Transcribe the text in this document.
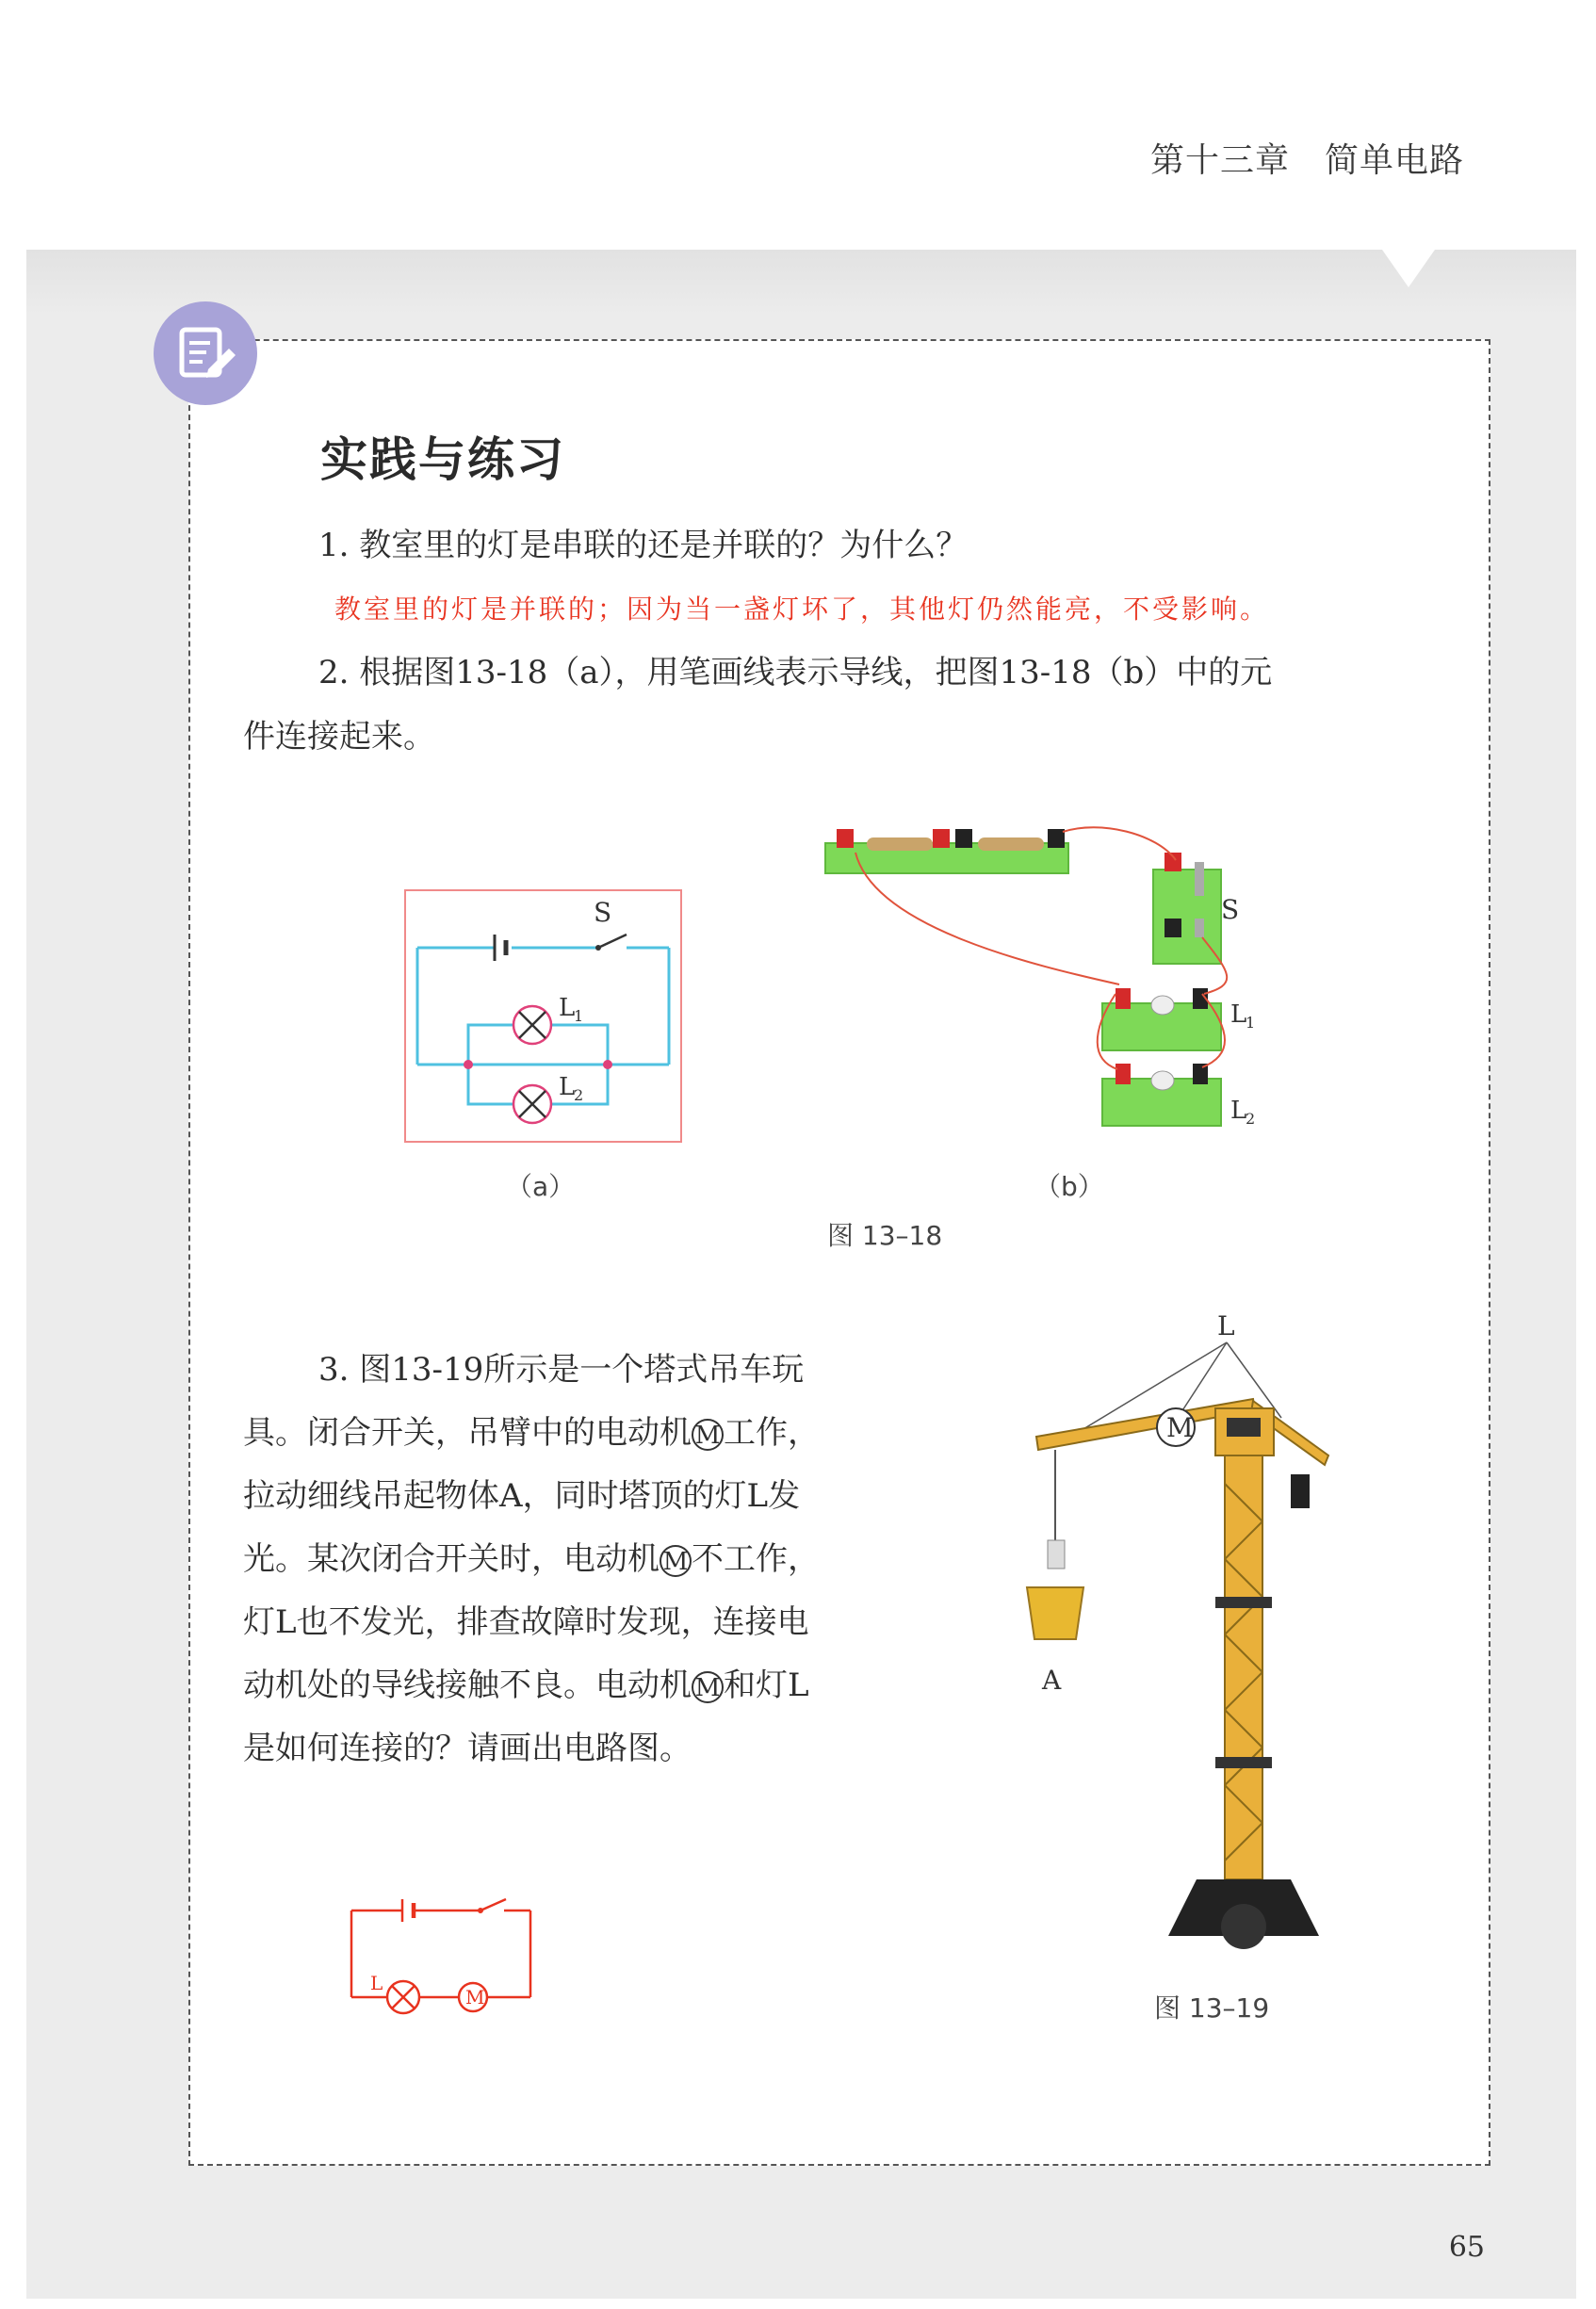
第十三章　简单电路
实践与练习
1. 教室里的灯是串联的还是并联的？为什么？
教室里的灯是并联的；因为当一盏灯坏了，其他灯仍然能亮，不受影响。
2. 根据图13-18（a），用笔画线表示导线，把图13-18（b）中的元
件连接起来。
S
L
1
L
2
（a）
S
L
1
L
2
（b）
图 13–18
3. 图13-19所示是一个塔式吊车玩
具。闭合开关，吊臂中的电动机 M 工作，
拉动细线吊起物体A，同时塔顶的灯L发
光。某次闭合开关时，电动机 M 不工作，
灯L也不发光，排查故障时发现，连接电
动机处的导线接触不良。电动机 M 和灯L
是如何连接的？请画出电路图。
M
L
A
图 13–19
L
M
65
